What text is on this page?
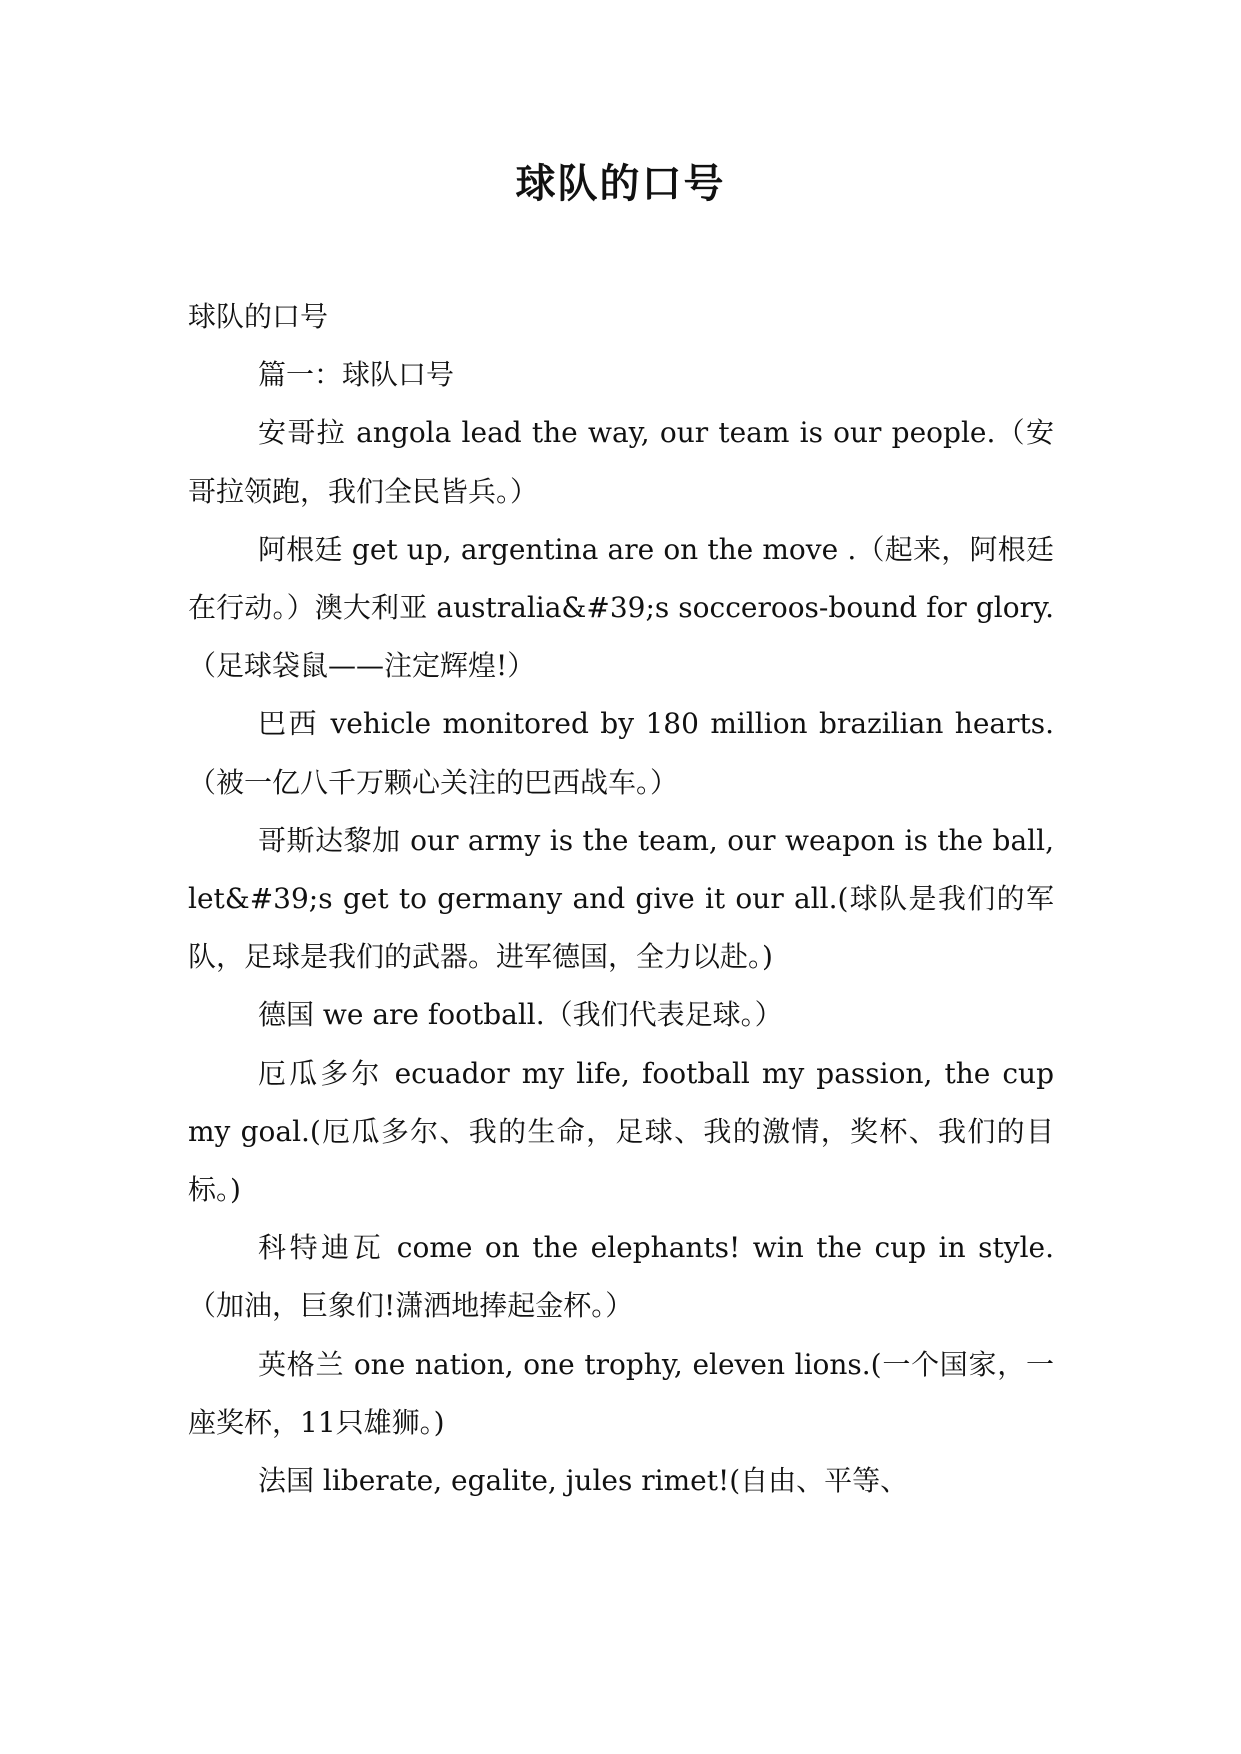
球队的口号

球队的口号

篇一：球队口号

安哥拉 angola lead the way, our team is our people.（安哥拉领跑，我们全民皆兵。）

阿根廷 get up, argentina are on the move .（起来，阿根廷在行动。）澳大利亚 australia&#39;s socceroos-bound for glory.（足球袋鼠——注定辉煌!）

巴西 vehicle monitored by 180 million brazilian hearts.（被一亿八千万颗心关注的巴西战车。）

哥斯达黎加 our army is the team, our weapon is the ball, let&#39;s get to germany and give it our all.(球队是我们的军队，足球是我们的武器。进军德国，全力以赴。)

德国 we are football.（我们代表足球。）

厄瓜多尔 ecuador my life, football my passion, the cup my goal.(厄瓜多尔、我的生命，足球、我的激情，奖杯、我们的目标。)

科特迪瓦 come on the elephants! win the cup in style.（加油，巨象们!潇洒地捧起金杯。）

英格兰 one nation, one trophy, eleven lions.(一个国家，一座奖杯，11只雄狮。)

法国 liberate, egalite, jules rimet!(自由、平等、
